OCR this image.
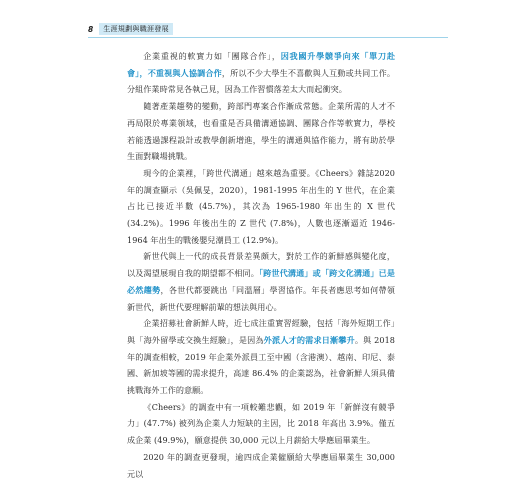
8	生涯規劃與職涯發展

企業重視的軟實力如「團隊合作」，因我國升學競爭向來「單刀赴會」，不重視與人協調合作，所以不少大學生不喜歡與人互動或共同工作。分組作業時常見各執己見，因為工作習慣落差太大而起衝突。

隨著產業趨勢的變動，跨部門專案合作漸成常態。企業所需的人才不再局限於專業領域，也看重是否具備溝通協調、團隊合作等軟實力，學校若能透過課程設計或教學創新增進，學生的溝通與協作能力，將有助於學生面對職場挑戰。

現今的企業裡，「跨世代溝通」越來越為重要。《Cheers》雜誌2020 年的調查顯示（吳佩旻，2020），1981-1995 年出生的 Y 世代，在企業占比已接近半數 (45.7%)，其次為 1965-1980 年出生的 X 世代 (34.2%)。1996 年後出生的 Z 世代 (7.8%)，人數也逐漸逼近 1946-1964 年出生的戰後嬰兒潮員工 (12.9%)。

新世代與上一代的成長背景差異頗大，對於工作的新鮮感與變化度，以及渴望展現自我的期望都不相同。「跨世代溝通」或「跨文化溝通」已是必然趨勢，各世代都要跳出「同溫層」學習協作。年長者應思考如何帶領新世代，新世代要理解前輩的想法與用心。

企業招募社會新鮮人時，近七成注重實習經驗，包括「海外短期工作」與「海外留學或交換生經驗」，是因為外派人才的需求日漸攀升。與 2018 年的調查相較，2019 年企業外派員工至中國（含港澳）、越南、印尼、泰國、新加坡等國的需求提升，高達 86.4% 的企業認為，社會新鮮人須具備挑戰海外工作的意願。

《Cheers》的調查中有一項較難悲觀，如 2019 年「新鮮沒有競爭力」(47.7%) 被列為企業人力短缺的主因，比 2018 年高出 3.9%。僅五成企業 (49.9%)，願意提供 30,000 元以上月薪給大學應屆畢業生。

2020 年的調查更發現，逾四成企業僱願給大學應屆畢業生 30,000 元以
